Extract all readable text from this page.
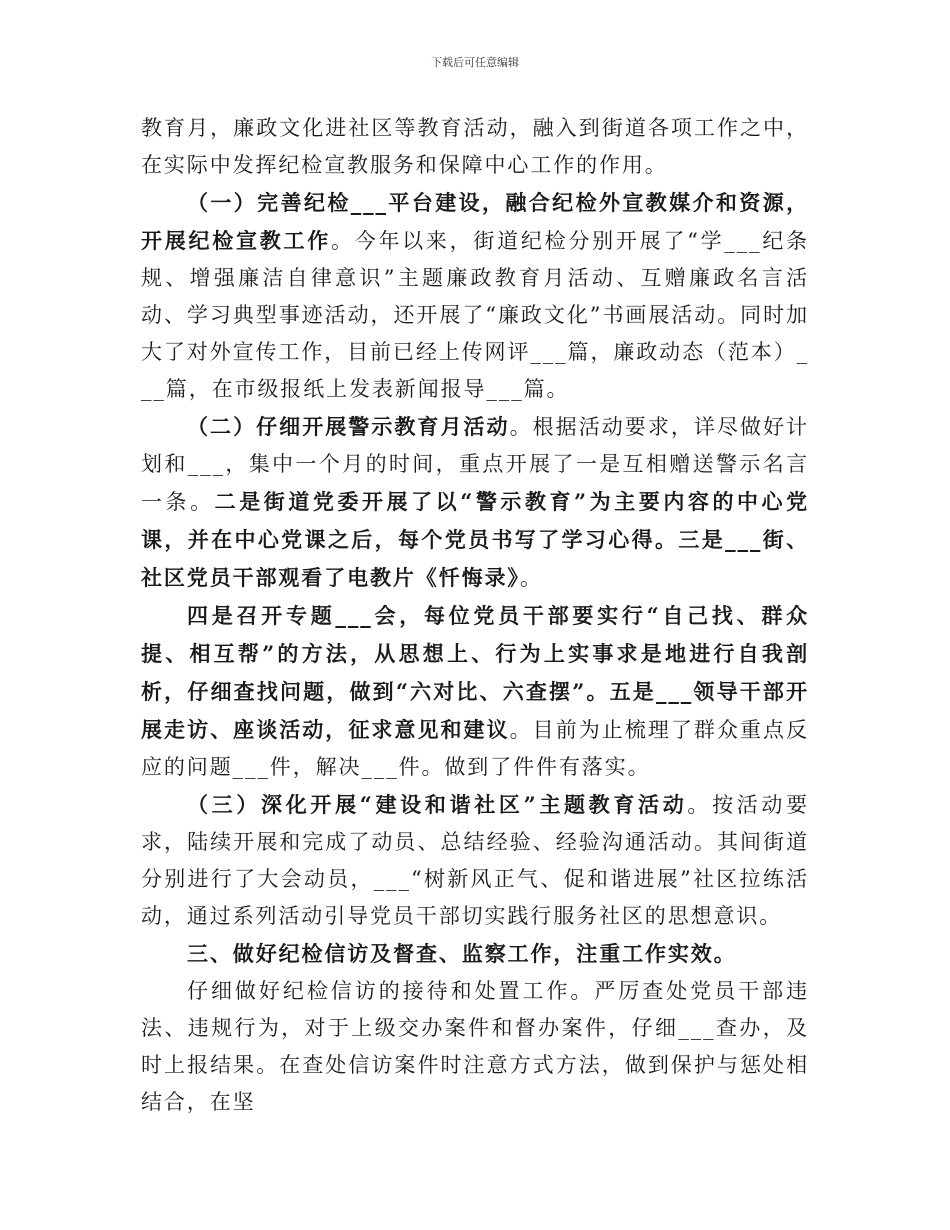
下载后可任意编辑

教育月，廉政文化进社区等教育活动，融入到街道各项工作之中，在实际中发挥纪检宣教服务和保障中心工作的作用。

（一）完善纪检___平台建设，融合纪检外宣教媒介和资源，开展纪检宣教工作。今年以来，街道纪检分别开展了“学___纪条规、增强廉洁自律意识”主题廉政教育月活动、互赠廉政名言活动、学习典型事迹活动，还开展了“廉政文化”书画展活动。同时加大了对外宣传工作，目前已经上传网评___篇，廉政动态（范本）___篇，在市级报纸上发表新闻报导___篇。

（二）仔细开展警示教育月活动。根据活动要求，详尽做好计划和___，集中一个月的时间，重点开展了一是互相赠送警示名言一条。二是街道党委开展了以“警示教育”为主要内容的中心党课，并在中心党课之后，每个党员书写了学习心得。三是___街、社区党员干部观看了电教片《忏悔录》。

四是召开专题___会，每位党员干部要实行“自己找、群众提、相互帮”的方法，从思想上、行为上实事求是地进行自我剖析，仔细查找问题，做到“六对比、六查摆”。五是___领导干部开展走访、座谈活动，征求意见和建议。目前为止梳理了群众重点反应的问题___件，解决___件。做到了件件有落实。

（三）深化开展“建设和谐社区”主题教育活动。按活动要求，陆续开展和完成了动员、总结经验、经验沟通活动。其间街道分别进行了大会动员，___“树新风正气、促和谐进展”社区拉练活动，通过系列活动引导党员干部切实践行服务社区的思想意识。

三、做好纪检信访及督查、监察工作，注重工作实效。

仔细做好纪检信访的接待和处置工作。严厉查处党员干部违法、违规行为，对于上级交办案件和督办案件，仔细___查办，及时上报结果。在查处信访案件时注意方式方法，做到保护与惩处相结合，在坚
